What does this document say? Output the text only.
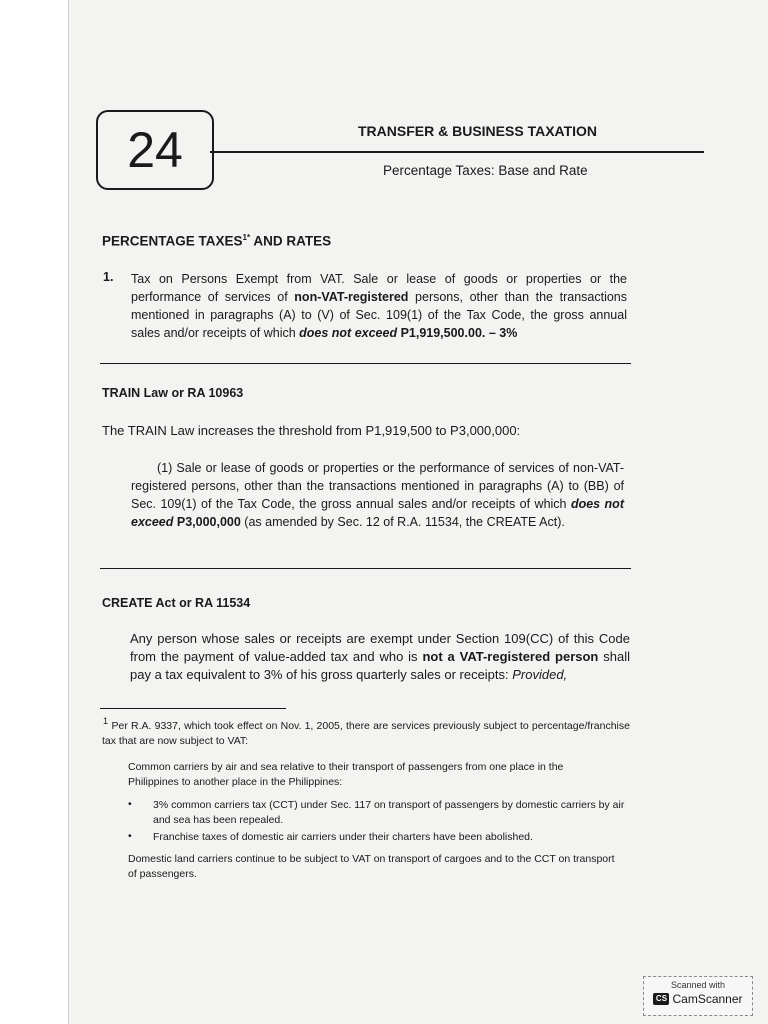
24	TRANSFER & BUSINESS TAXATION
Percentage Taxes: Base and Rate
PERCENTAGE $TAXES^{1*}$ AND RATES
1. Tax on Persons Exempt from VAT. Sale or lease of goods or properties or the performance of services of non-VAT-registered persons, other than the transactions mentioned in paragraphs (A) to (V) of Sec. 109(1) of the Tax Code, the gross annual sales and/or receipts of which does not exceed P1,919,500.00. – 3%
TRAIN Law or RA 10963
The TRAIN Law increases the threshold from P1,919,500 to P3,000,000:
(1) Sale or lease of goods or properties or the performance of services of non-VAT-registered persons, other than the transactions mentioned in paragraphs (A) to (BB) of Sec. 109(1) of the Tax Code, the gross annual sales and/or receipts of which does not exceed P3,000,000 (as amended by Sec. 12 of R.A. 11534, the CREATE Act).
CREATE Act or RA 11534
Any person whose sales or receipts are exempt under Section 109(CC) of this Code from the payment of value-added tax and who is not a VAT-registered person shall pay a tax equivalent to 3% of his gross quarterly sales or receipts: Provided,
1 Per R.A. 9337, which took effect on Nov. 1, 2005, there are services previously subject to percentage/franchise tax that are now subject to VAT:
Common carriers by air and sea relative to their transport of passengers from one place in the Philippines to another place in the Philippines:
• 3% common carriers tax (CCT) under Sec. 117 on transport of passengers by domestic carriers by air and sea has been repealed.
• Franchise taxes of domestic air carriers under their charters have been abolished.
Domestic land carriers continue to be subject to VAT on transport of cargoes and to the CCT on transport of passengers.
Scanned with
CS CamScanner
